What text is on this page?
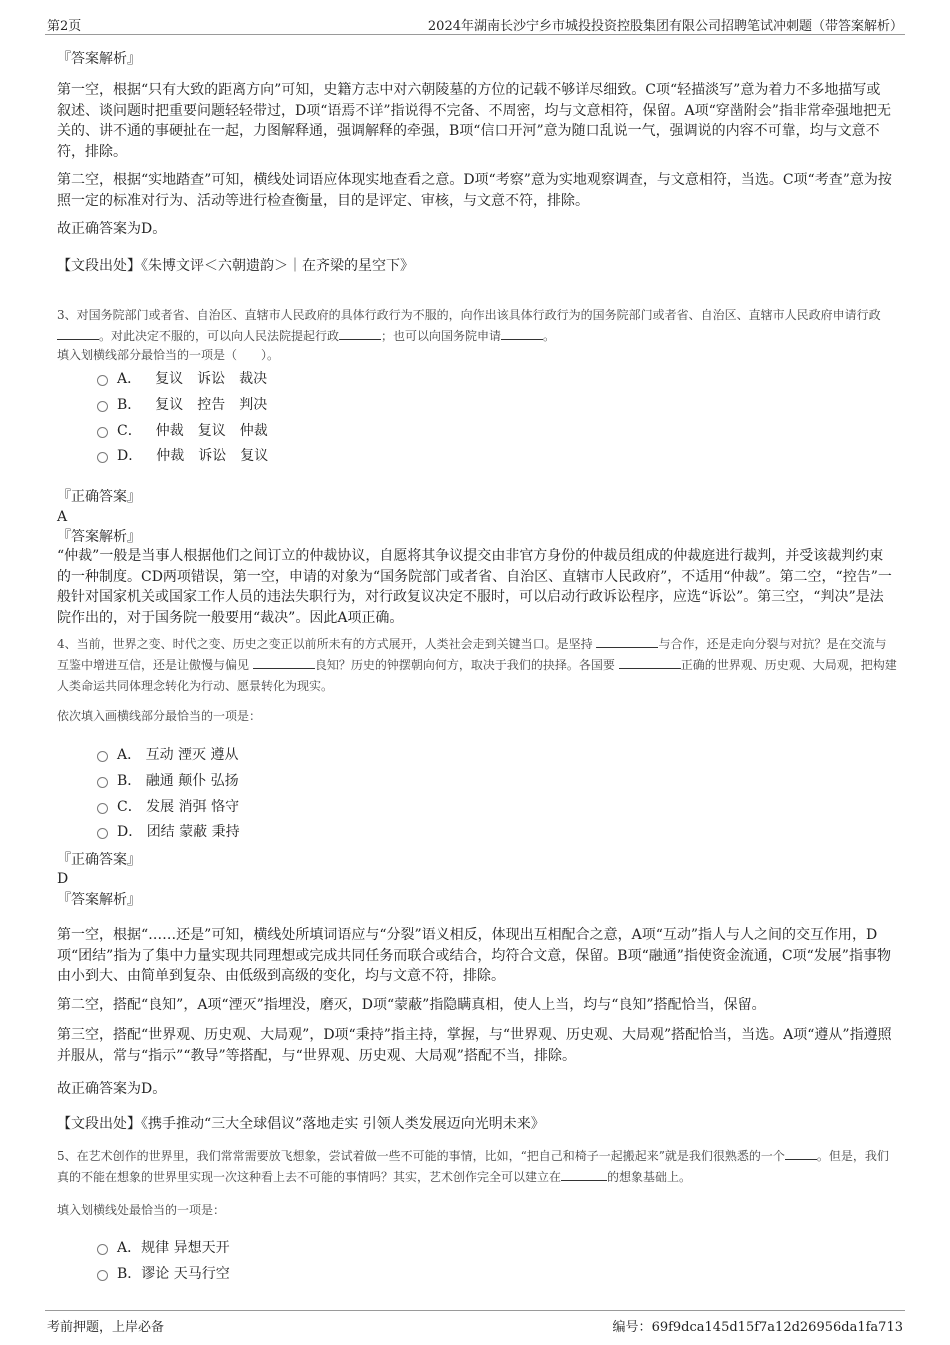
第2页	2024年湖南长沙宁乡市城投投资控股集团有限公司招聘笔试冲刺题（带答案解析）
『答案解析』
第一空，根据“只有大致的距离方向”可知，史籍方志中对六朝陵墓的方位的记载不够详尽细致。C项“轻描淡写”意为着力不多地描写或叙述、谈问题时把重要问题轻轻带过，D项“语焉不详”指说得不完备、不周密，均与文意相符，保留。A项“穿凿附会”指非常牵强地把无关的、讲不通的事硬扯在一起，力图解释通，强调解释的牵强，B项“信口开河”意为随口乱说一气，强调说的内容不可靠，均与文意不符，排除。
第二空，根据“实地踏查”可知，横线处词语应体现实地查看之意。D项“考察”意为实地观察调查，与文意相符，当选。C项“考查”意为按照一定的标准对行为、活动等进行检查衡量，目的是评定、审核，与文意不符，排除。
故正确答案为D。
【文段出处】《朱博文评＜六朝遗韵＞｜在齐梁的星空下》
3、对国务院部门或者省、自治区、直辖市人民政府的具体行政行为不服的，向作出该具体行政行为的国务院部门或者省、自治区、直辖市人民政府申请行政。对此决定不服的，可以向人民法院提起行政	；也可以向国务院申请	。
填入划横线部分最恰当的一项是（　　）。
A．　 复议　诉讼　裁决
B．　 复议　控告　判决
C．　 仲裁　复议　仲裁
D．　 仲裁　诉讼　复议
『正确答案』
A
『答案解析』
“仲裁”一般是当事人根据他们之间订立的仲裁协议，自愿将其争议提交由非官方身份的仲裁员组成的仲裁庭进行裁判，并受该裁判约束的一种制度。CD两项错误，第一空，申请的对象为“国务院部门或者省、自治区、直辖市人民政府”，不适用“仲裁”。第二空，“控告”一般针对国家机关或国家工作人员的违法失职行为，对行政复议决定不服时，可以启动行政诉讼程序，应选“诉讼”。第三空，“判决”是法院作出的，对于国务院一般要用“裁决”。因此A项正确。
4、当前，世界之变、时代之变、历史之变正以前所未有的方式展开，人类社会走到关键当口。是坚持	与合作，还是走向分裂与对抗？是在交流与互鉴中增进互信，还是让傲慢与偏见	良知？历史的钟摆朝向何方，取决于我们的抉择。各国要	正确的世界观、历史观、大局观，把构建人类命运共同体理念转化为行动、愿景转化为现实。
依次填入画横线部分最恰当的一项是：
A． 互动 湮灭 遵从
B． 融通 颠仆 弘扬
C． 发展 消弭 恪守
D． 团结 蒙蔽 秉持
『正确答案』
D
『答案解析』
第一空，根据“……还是”可知，横线处所填词语应与“分裂”语义相反，体现出互相配合之意，A项“互动”指人与人之间的交互作用，D项“团结”指为了集中力量实现共同理想或完成共同任务而联合或结合，均符合文意，保留。B项“融通”指使资金流通，C项“发展”指事物由小到大、由简单到复杂、由低级到高级的变化，均与文意不符，排除。
第二空，搭配“良知”，A项“湮灭”指埋没，磨灭，D项“蒙蔽”指隐瞒真相，使人上当，均与“良知”搭配恰当，保留。
第三空，搭配“世界观、历史观、大局观”，D项“秉持”指主持，掌握，与“世界观、历史观、大局观”搭配恰当，当选。A项“遵从”指遵照并服从，常与“指示”“教导”等搭配，与“世界观、历史观、大局观”搭配不当，排除。
故正确答案为D。
【文段出处】《携手推动“三大全球倡议”落地走实 引领人类发展迈向光明未来》
5、在艺术创作的世界里，我们常常需要放飞想象，尝试着做一些不可能的事情，比如，“把自己和椅子一起搬起来”就是我们很熟悉的一个	。但是，我们真的不能在想象的世界里实现一次这种看上去不可能的事情吗？其实，艺术创作完全可以建立在	的想象基础上。
填入划横线处最恰当的一项是：
A．规律 异想天开
B．谬论 天马行空
考前押题，上岸必备	编号：69f9dca145d15f7a12d26956da1fa713
